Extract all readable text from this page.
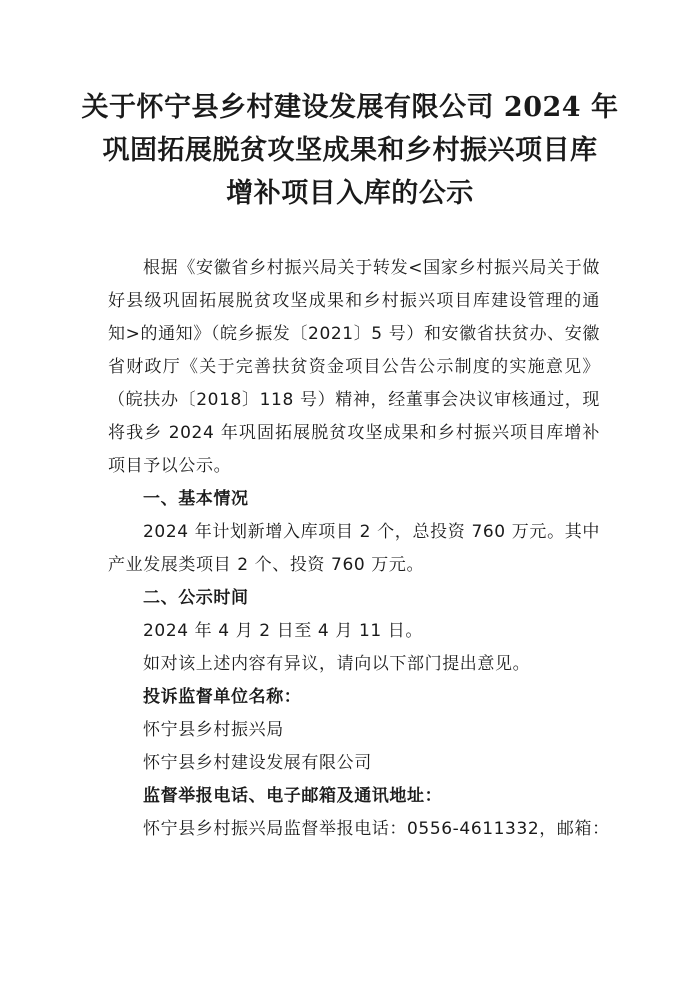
关于怀宁县乡村建设发展有限公司 2024 年
巩固拓展脱贫攻坚成果和乡村振兴项目库
增补项目入库的公示

根据《安徽省乡村振兴局关于转发<国家乡村振兴局关于做好县级巩固拓展脱贫攻坚成果和乡村振兴项目库建设管理的通知>的通知》（皖乡振发〔2021〕5 号）和安徽省扶贫办、安徽省财政厅《关于完善扶贫资金项目公告公示制度的实施意见》（皖扶办〔2018〕118 号）精神，经董事会决议审核通过，现将我乡 2024 年巩固拓展脱贫攻坚成果和乡村振兴项目库增补项目予以公示。

一、基本情况

2024 年计划新增入库项目 2 个，总投资 760 万元。其中产业发展类项目 2 个、投资 760 万元。

二、公示时间

2024 年 4 月 2 日至 4 月 11 日。

如对该上述内容有异议，请向以下部门提出意见。

投诉监督单位名称：

怀宁县乡村振兴局

怀宁县乡村建设发展有限公司

监督举报电话、电子邮箱及通讯地址：

怀宁县乡村振兴局监督举报电话：0556-4611332，邮箱：
